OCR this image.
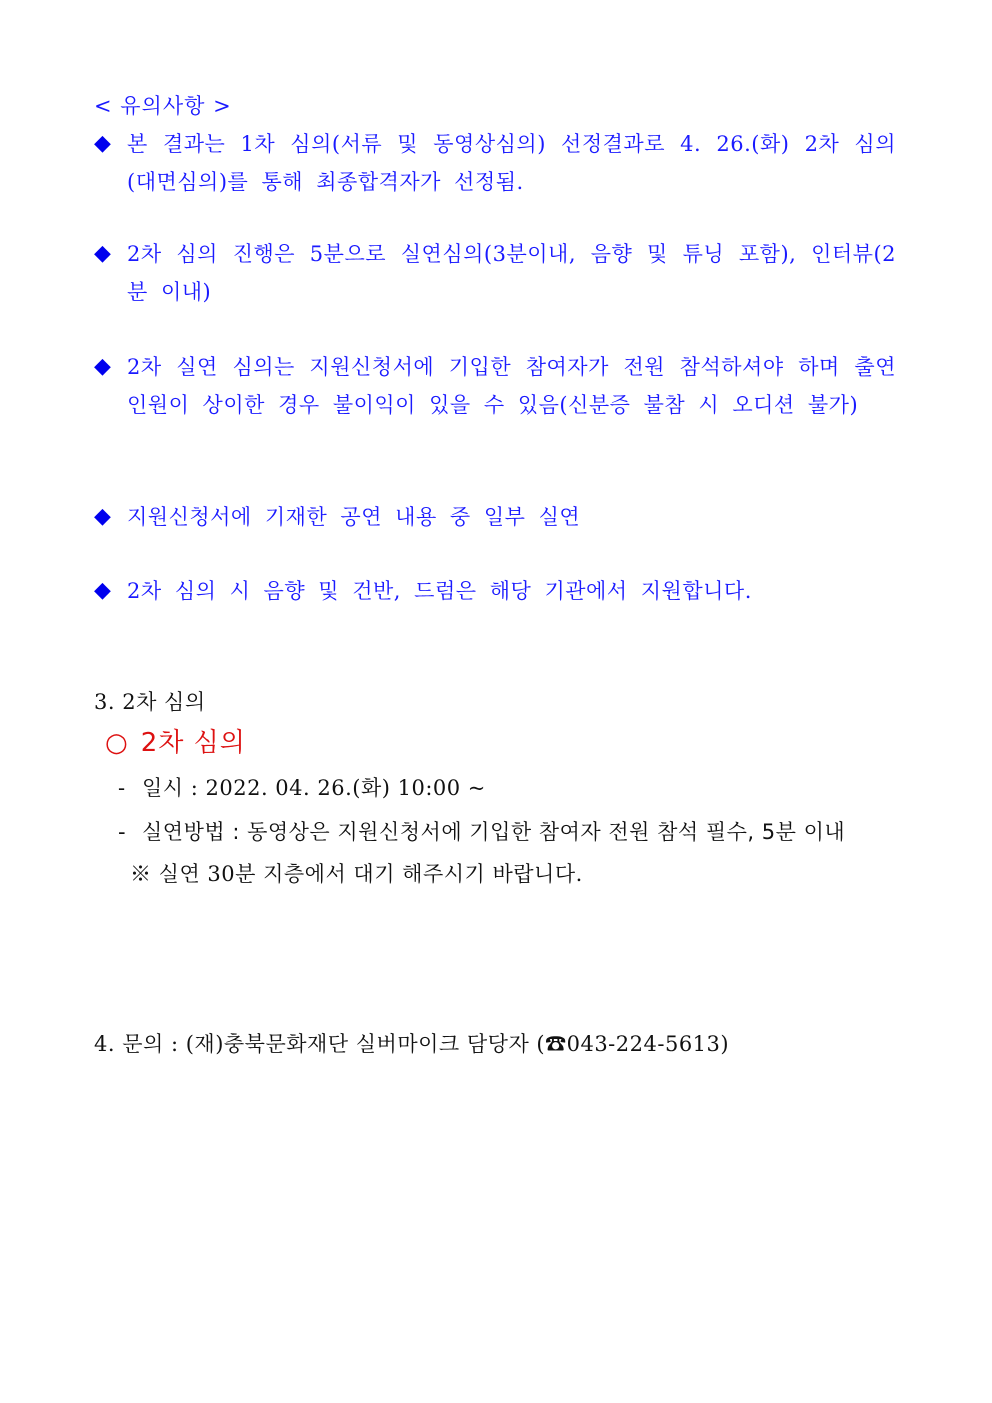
< 유의사항 >
◆ 본 결과는 1차 심의(서류 및 동영상심의) 선정결과로 4. 26.(화) 2차 심의(대면심의)를 통해 최종합격자가 선정됨.
◆ 2차 심의 진행은 5분으로 실연심의(3분이내, 음향 및 튜닝 포함), 인터뷰(2분 이내)
◆ 2차 실연 심의는 지원신청서에 기입한 참여자가 전원 참석하셔야 하며 출연 인원이 상이한 경우 불이익이 있을 수 있음(신분증 불참 시 오디션 불가)
◆ 지원신청서에 기재한 공연 내용 중 일부 실연
◆ 2차 심의 시 음향 및 건반, 드럼은 해당 기관에서 지원합니다.
3. 2차 심의
○ 2차 심의
- 일시 : 2022. 04. 26.(화) 10:00 ~
- 실연방법 : 동영상은 지원신청서에 기입한 참여자 전원 참석 필수, 5분 이내
※ 실연 30분 지층에서 대기 해주시기 바랍니다.
4. 문의 : (재)충북문화재단 실버마이크 담당자 (☎043-224-5613)
